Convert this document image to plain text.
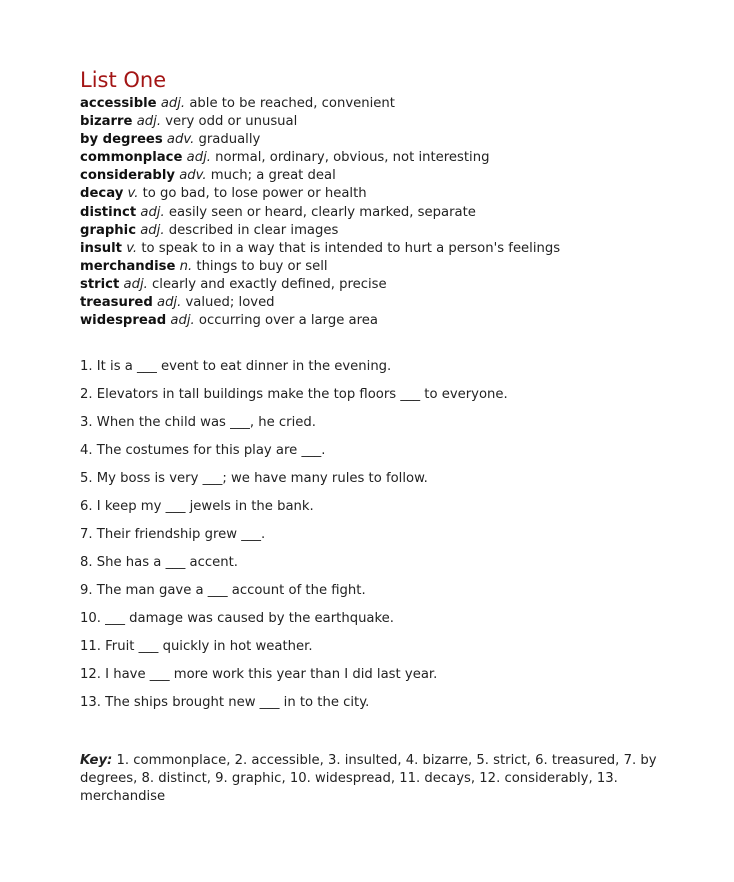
List One
accessible adj. able to be reached, convenient
bizarre adj. very odd or unusual
by degrees adv. gradually
commonplace adj. normal, ordinary, obvious, not interesting
considerably adv. much; a great deal
decay v. to go bad, to lose power or health
distinct adj. easily seen or heard, clearly marked, separate
graphic adj. described in clear images
insult v. to speak to in a way that is intended to hurt a person's feelings
merchandise n. things to buy or sell
strict adj. clearly and exactly defined, precise
treasured adj. valued; loved
widespread adj. occurring over a large area
1. It is a ___ event to eat dinner in the evening.
2. Elevators in tall buildings make the top floors ___ to everyone.
3. When the child was ___, he cried.
4. The costumes for this play are ___.
5. My boss is very ___; we have many rules to follow.
6. I keep my ___ jewels in the bank.
7. Their friendship grew ___.
8. She has a ___ accent.
9. The man gave a ___ account of the fight.
10. ___ damage was caused by the earthquake.
11. Fruit ___ quickly in hot weather.
12. I have ___ more work this year than I did last year.
13. The ships brought new ___ in to the city.
Key: 1. commonplace, 2. accessible, 3. insulted, 4. bizarre, 5. strict, 6. treasured, 7. by degrees, 8. distinct, 9. graphic, 10. widespread, 11. decays, 12. considerably, 13. merchandise
